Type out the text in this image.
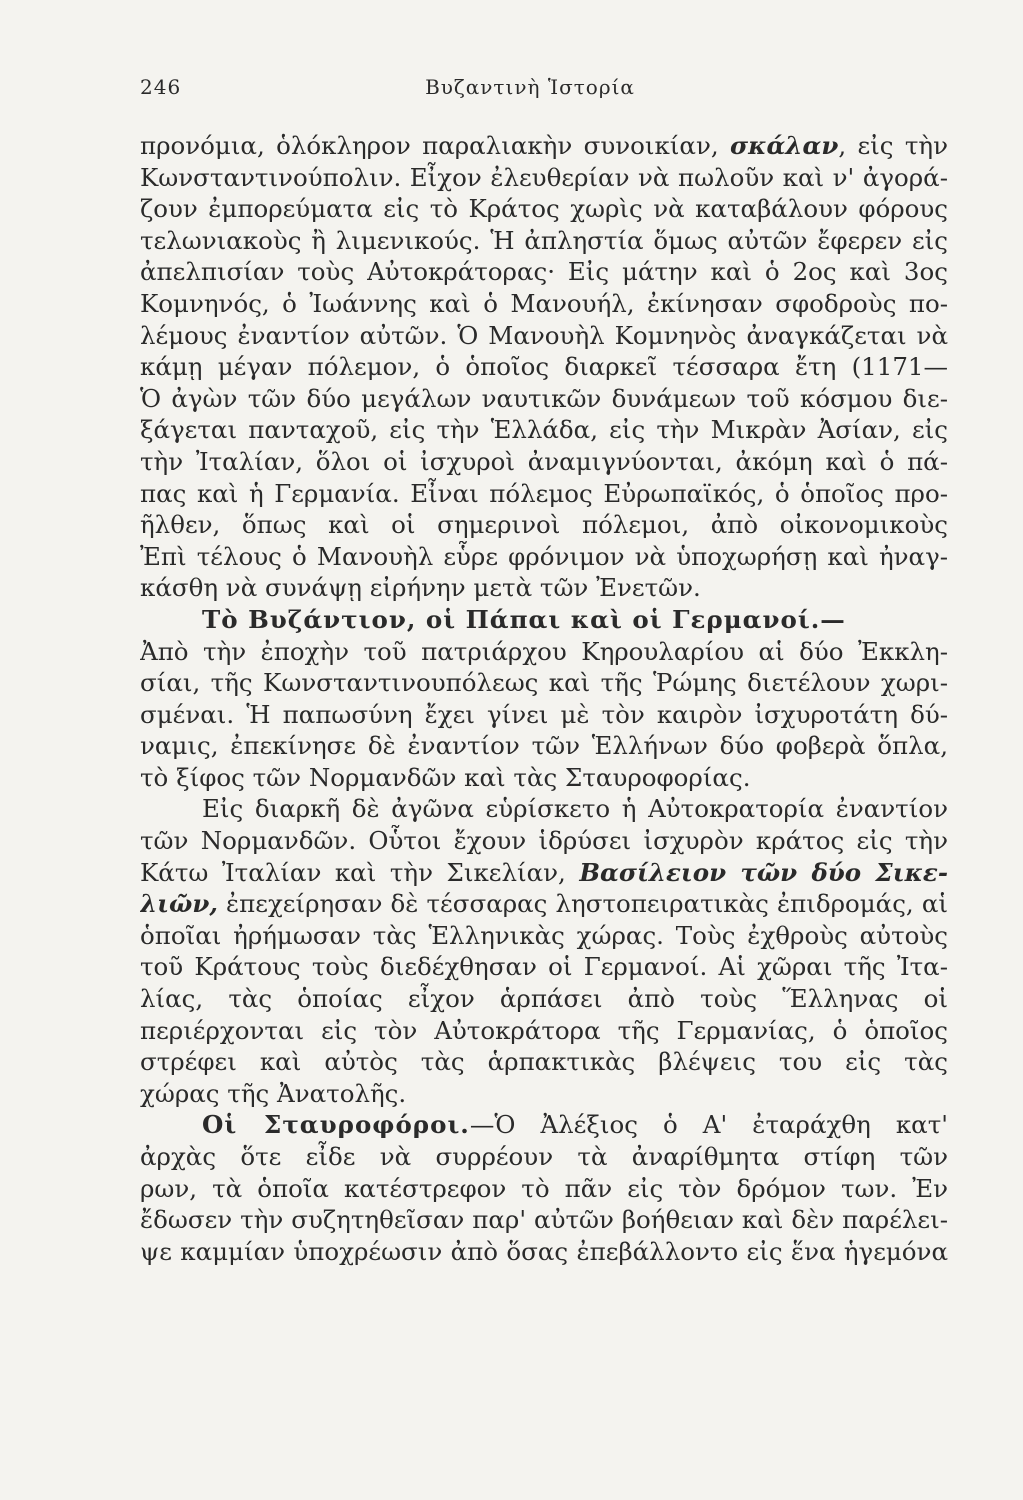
246	Βυζαντινὴ Ἱστορία
προνόμια, ὁλόκληρον παραλιακὴν συνοικίαν, σκάλαν, εἰς τὴν
Κωνσταντινούπολιν. Εἶχον ἐλευθερίαν νὰ πωλοῦν καὶ ν' ἀγορά-
ζουν ἐμπορεύματα εἰς τὸ Κράτος χωρὶς νὰ καταβάλουν φόρους
τελωνιακοὺς ἢ λιμενικούς. Ἡ ἀπληστία ὅμως αὐτῶν ἔφερεν εἰς
ἀπελπισίαν τοὺς Αὐτοκράτορας· Εἰς μάτην καὶ ὁ 2ος καὶ 3ος
Κομνηνός, ὁ Ἰωάννης καὶ ὁ Μανουήλ, ἐκίνησαν σφοδροὺς πο-
λέμους ἐναντίον αὐτῶν. Ὁ Μανουὴλ Κομνηνὸς ἀναγκάζεται νὰ
κάμῃ μέγαν πόλεμον, ὁ ὁποῖος διαρκεῖ τέσσαρα ἔτη (1171—
Ὁ ἀγὼν τῶν δύο μεγάλων ναυτικῶν δυνάμεων τοῦ κόσμου διε-
ξάγεται πανταχοῦ, εἰς τὴν Ἑλλάδα, εἰς τὴν Μικρὰν Ἀσίαν, εἰς
τὴν Ἰταλίαν, ὅλοι οἱ ἰσχυροὶ ἀναμιγνύονται, ἀκόμη καὶ ὁ πά-
πας καὶ ἡ Γερμανία. Εἶναι πόλεμος Εὐρωπαϊκός, ὁ ὁποῖος προ-
ῆλθεν, ὅπως καὶ οἱ σημερινοὶ πόλεμοι, ἀπὸ οἰκονομικοὺς
Ἐπὶ τέλους ὁ Μανουὴλ εὗρε φρόνιμον νὰ ὑποχωρήσῃ καὶ ἠναγ-
κάσθη νὰ συνάψῃ εἰρήνην μετὰ τῶν Ἐνετῶν.
Τὸ Βυζάντιον, οἱ Πάπαι καὶ οἱ Γερμανοί.—
Ἀπὸ τὴν ἐποχὴν τοῦ πατριάρχου Κηρουλαρίου αἱ δύο Ἐκκλη-
σίαι, τῆς Κωνσταντινουπόλεως καὶ τῆς Ῥώμης διετέλουν χωρι-
σμέναι. Ἡ παπωσύνη ἔχει γίνει μὲ τὸν καιρὸν ἰσχυροτάτη δύ-
ναμις, ἐπεκίνησε δὲ ἐναντίον τῶν Ἑλλήνων δύο φοβερὰ ὅπλα,
τὸ ξίφος τῶν Νορμανδῶν καὶ τὰς Σταυροφορίας.
Εἰς διαρκῆ δὲ ἀγῶνα εὑρίσκετο ἡ Αὐτοκρατορία ἐναντίον
τῶν Νορμανδῶν. Οὗτοι ἔχουν ἱδρύσει ἰσχυρὸν κράτος εἰς τὴν
Κάτω Ἰταλίαν καὶ τὴν Σικελίαν, Βασίλειον τῶν δύο Σικε-
λιῶν, ἐπεχείρησαν δὲ τέσσαρας ληστοπειρατικὰς ἐπιδρομάς, αἱ
ὁποῖαι ἠρήμωσαν τὰς Ἑλληνικὰς χώρας. Τοὺς ἐχθροὺς αὐτοὺς
τοῦ Κράτους τοὺς διεδέχθησαν οἱ Γερμανοί. Αἱ χῶραι τῆς Ἰτα-
λίας, τὰς ὁποίας εἶχον ἁρπάσει ἀπὸ τοὺς Ἕλληνας οἱ
περιέρχονται εἰς τὸν Αὐτοκράτορα τῆς Γερμανίας, ὁ ὁποῖος
στρέφει καὶ αὐτὸς τὰς ἁρπακτικὰς βλέψεις του εἰς τὰς
χώρας τῆς Ἀνατολῆς.
Οἱ Σταυροφόροι.—Ὁ Ἀλέξιος ὁ Α' ἐταράχθη κατ'
ἀρχὰς ὅτε εἶδε νὰ συρρέουν τὰ ἀναρίθμητα στίφη τῶν
ρων, τὰ ὁποῖα κατέστρεφον τὸ πᾶν εἰς τὸν δρόμον των. Ἐν
ἔδωσεν τὴν συζητηθεῖσαν παρ' αὐτῶν βοήθειαν καὶ δὲν παρέλει-
ψε καμμίαν ὑποχρέωσιν ἀπὸ ὅσας ἐπεβάλλοντο εἰς ἕνα ἡγεμόνα
